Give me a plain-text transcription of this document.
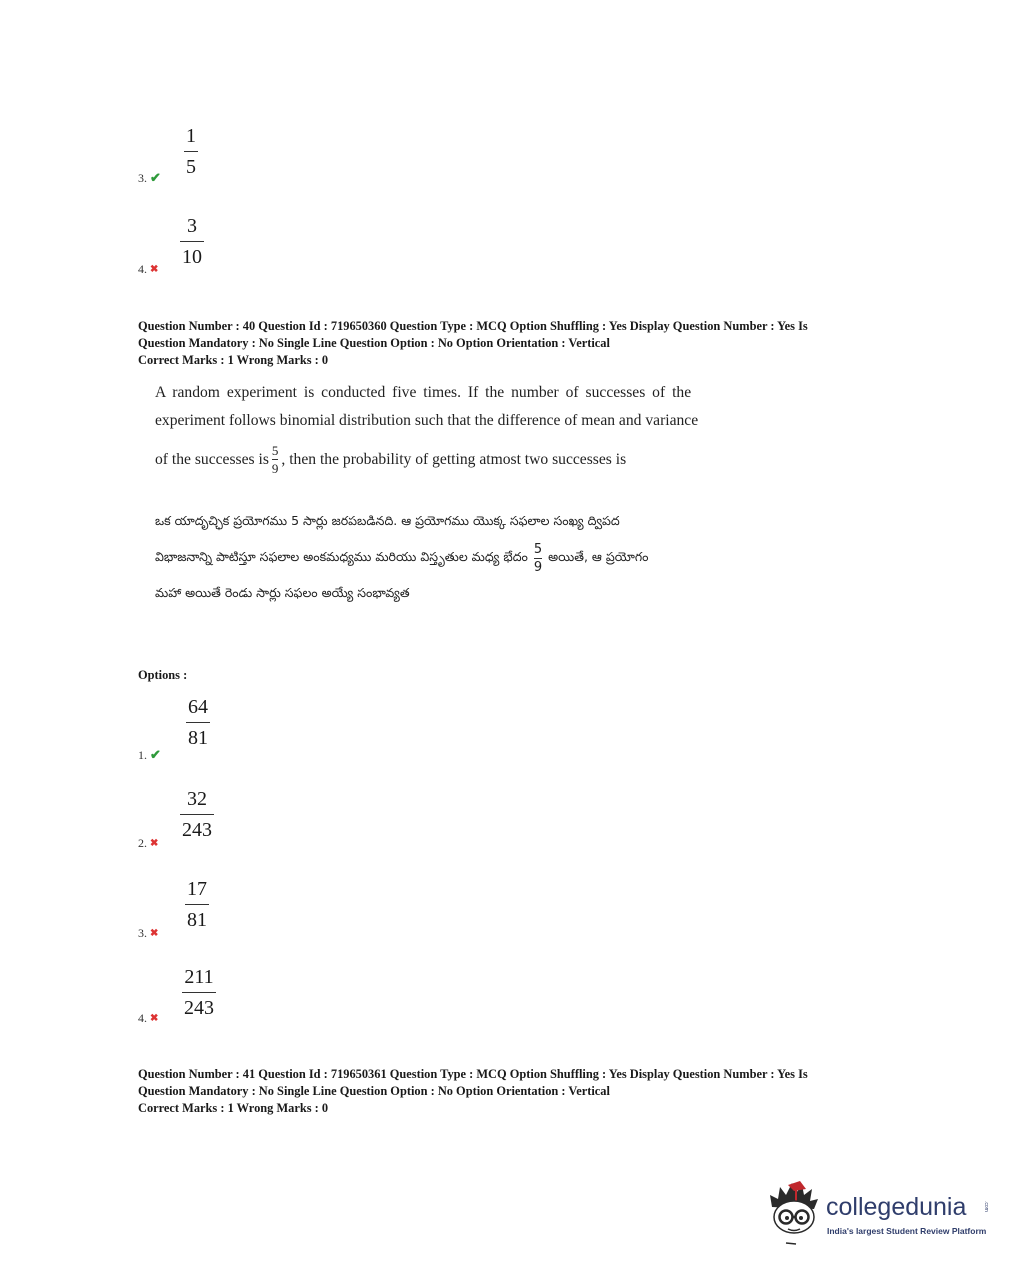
1
5
3. ✔
3
10
4. ✖
Question Number : 40 Question Id : 719650360 Question Type : MCQ Option Shuffling : Yes Display Question Number : Yes Is
Question Mandatory : No Single Line Question Option : No Option Orientation : Vertical
Correct Marks : 1 Wrong Marks : 0
A random experiment is conducted five times. If the number of successes of the
experiment follows binomial distribution such that the difference of mean and variance
of the successes is 5
9
, then the probability of getting atmost two successes is
ఒక యాదృచ్ఛిక ప్రయోగము 5 సార్లు జరపబడినది. ఆ ప్రయోగము యొక్క సఫలాల సంఖ్య ద్విపద
విభాజనాన్ని పాటిస్తూ సఫలాల అంకమధ్యము మరియు విస్తృతుల మధ్య భేదం 5
9
అయితే, ఆ ప్రయోగం
మహా అయితే రెండు సార్లు సఫలం అయ్యే సంభావ్యత
Options :
64
81
1. ✔
32
243
2. ✖
17
81
3. ✖
211
243
4. ✖
Question Number : 41 Question Id : 719650361 Question Type : MCQ Option Shuffling : Yes Display Question Number : Yes Is
Question Mandatory : No Single Line Question Option : No Option Orientation : Vertical
Correct Marks : 1 Wrong Marks : 0
collegedunia	.com
India's largest Student Review Platform
